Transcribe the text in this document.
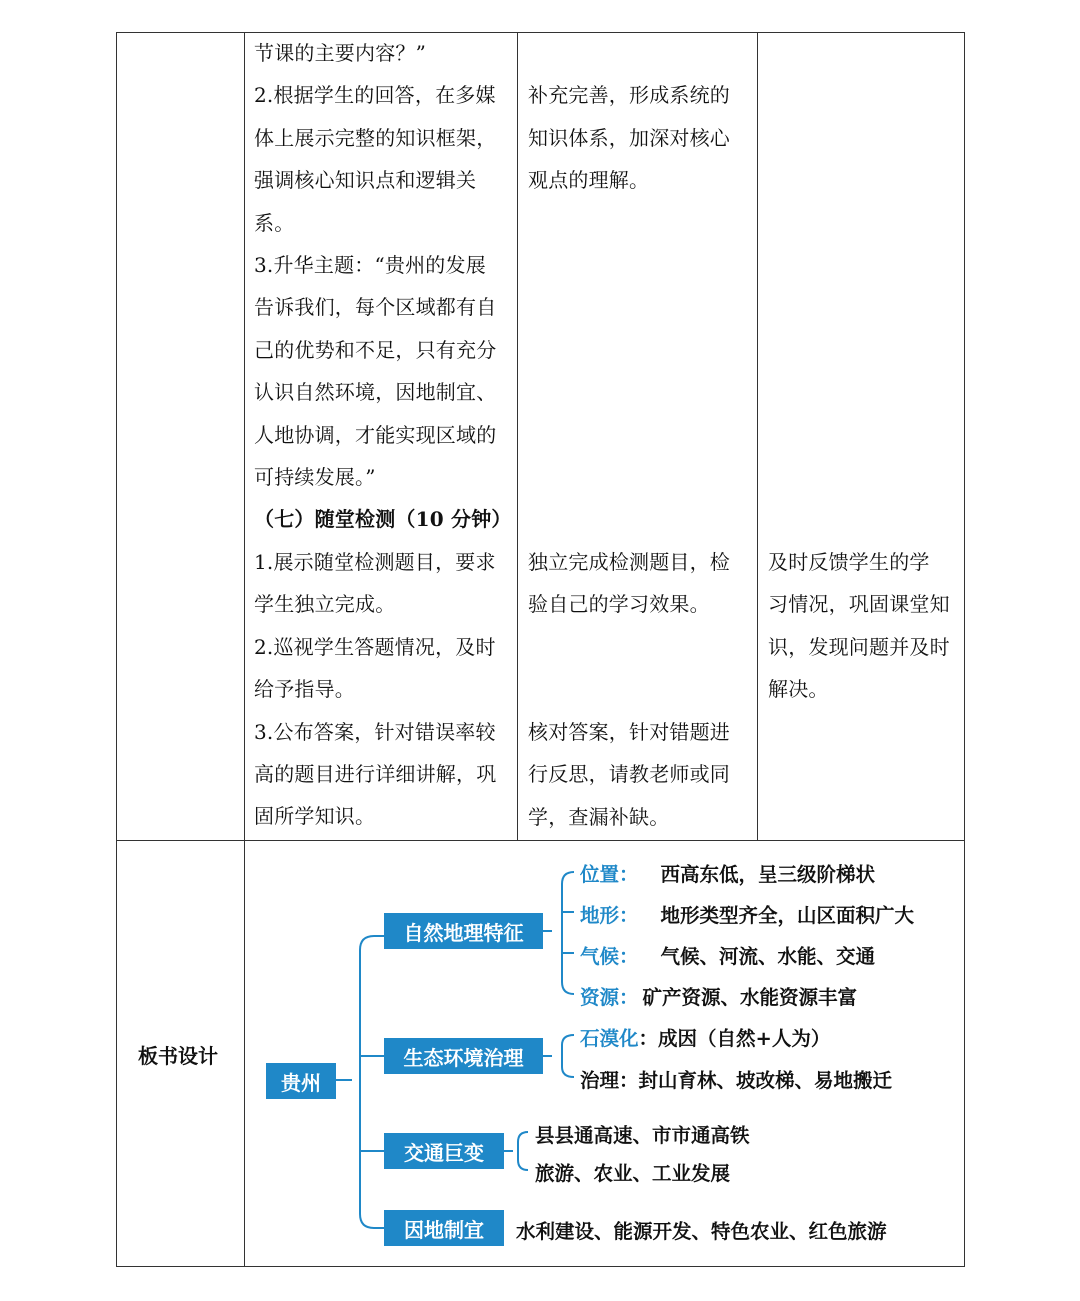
节课的主要内容？”

2.根据学生的回答，在多媒

体上展示完整的知识框架，

强调核心知识点和逻辑关

系。

3.升华主题：“贵州的发展

告诉我们，每个区域都有自

己的优势和不足，只有充分

认识自然环境，因地制宜、

人地协调，才能实现区域的

可持续发展。”

（七）随堂检测（10 分钟）

1.展示随堂检测题目，要求

学生独立完成。

2.巡视学生答题情况，及时

给予指导。

3.公布答案，针对错误率较

高的题目进行详细讲解，巩

固所学知识。

补充完善，形成系统的

知识体系，加深对核心

观点的理解。

独立完成检测题目，检

验自己的学习效果。

核对答案，针对错题进

行反思，请教老师或同

学，查漏补缺。

及时反馈学生的学

习情况，巩固课堂知

识，发现问题并及时

解决。

板书设计
贵州
自然地理特征
生态环境治理
交通巨变
因地制宜
位置： 西高东低，呈三级阶梯状
地形： 地形类型齐全，山区面积广大
气候： 气候、河流、水能、交通
资源： 矿产资源、水能资源丰富
石漠化：成因（自然+人为）
治理：封山育林、坡改梯、易地搬迁
县县通高速、市市通高铁
旅游、农业、工业发展
水利建设、能源开发、特色农业、红色旅游
